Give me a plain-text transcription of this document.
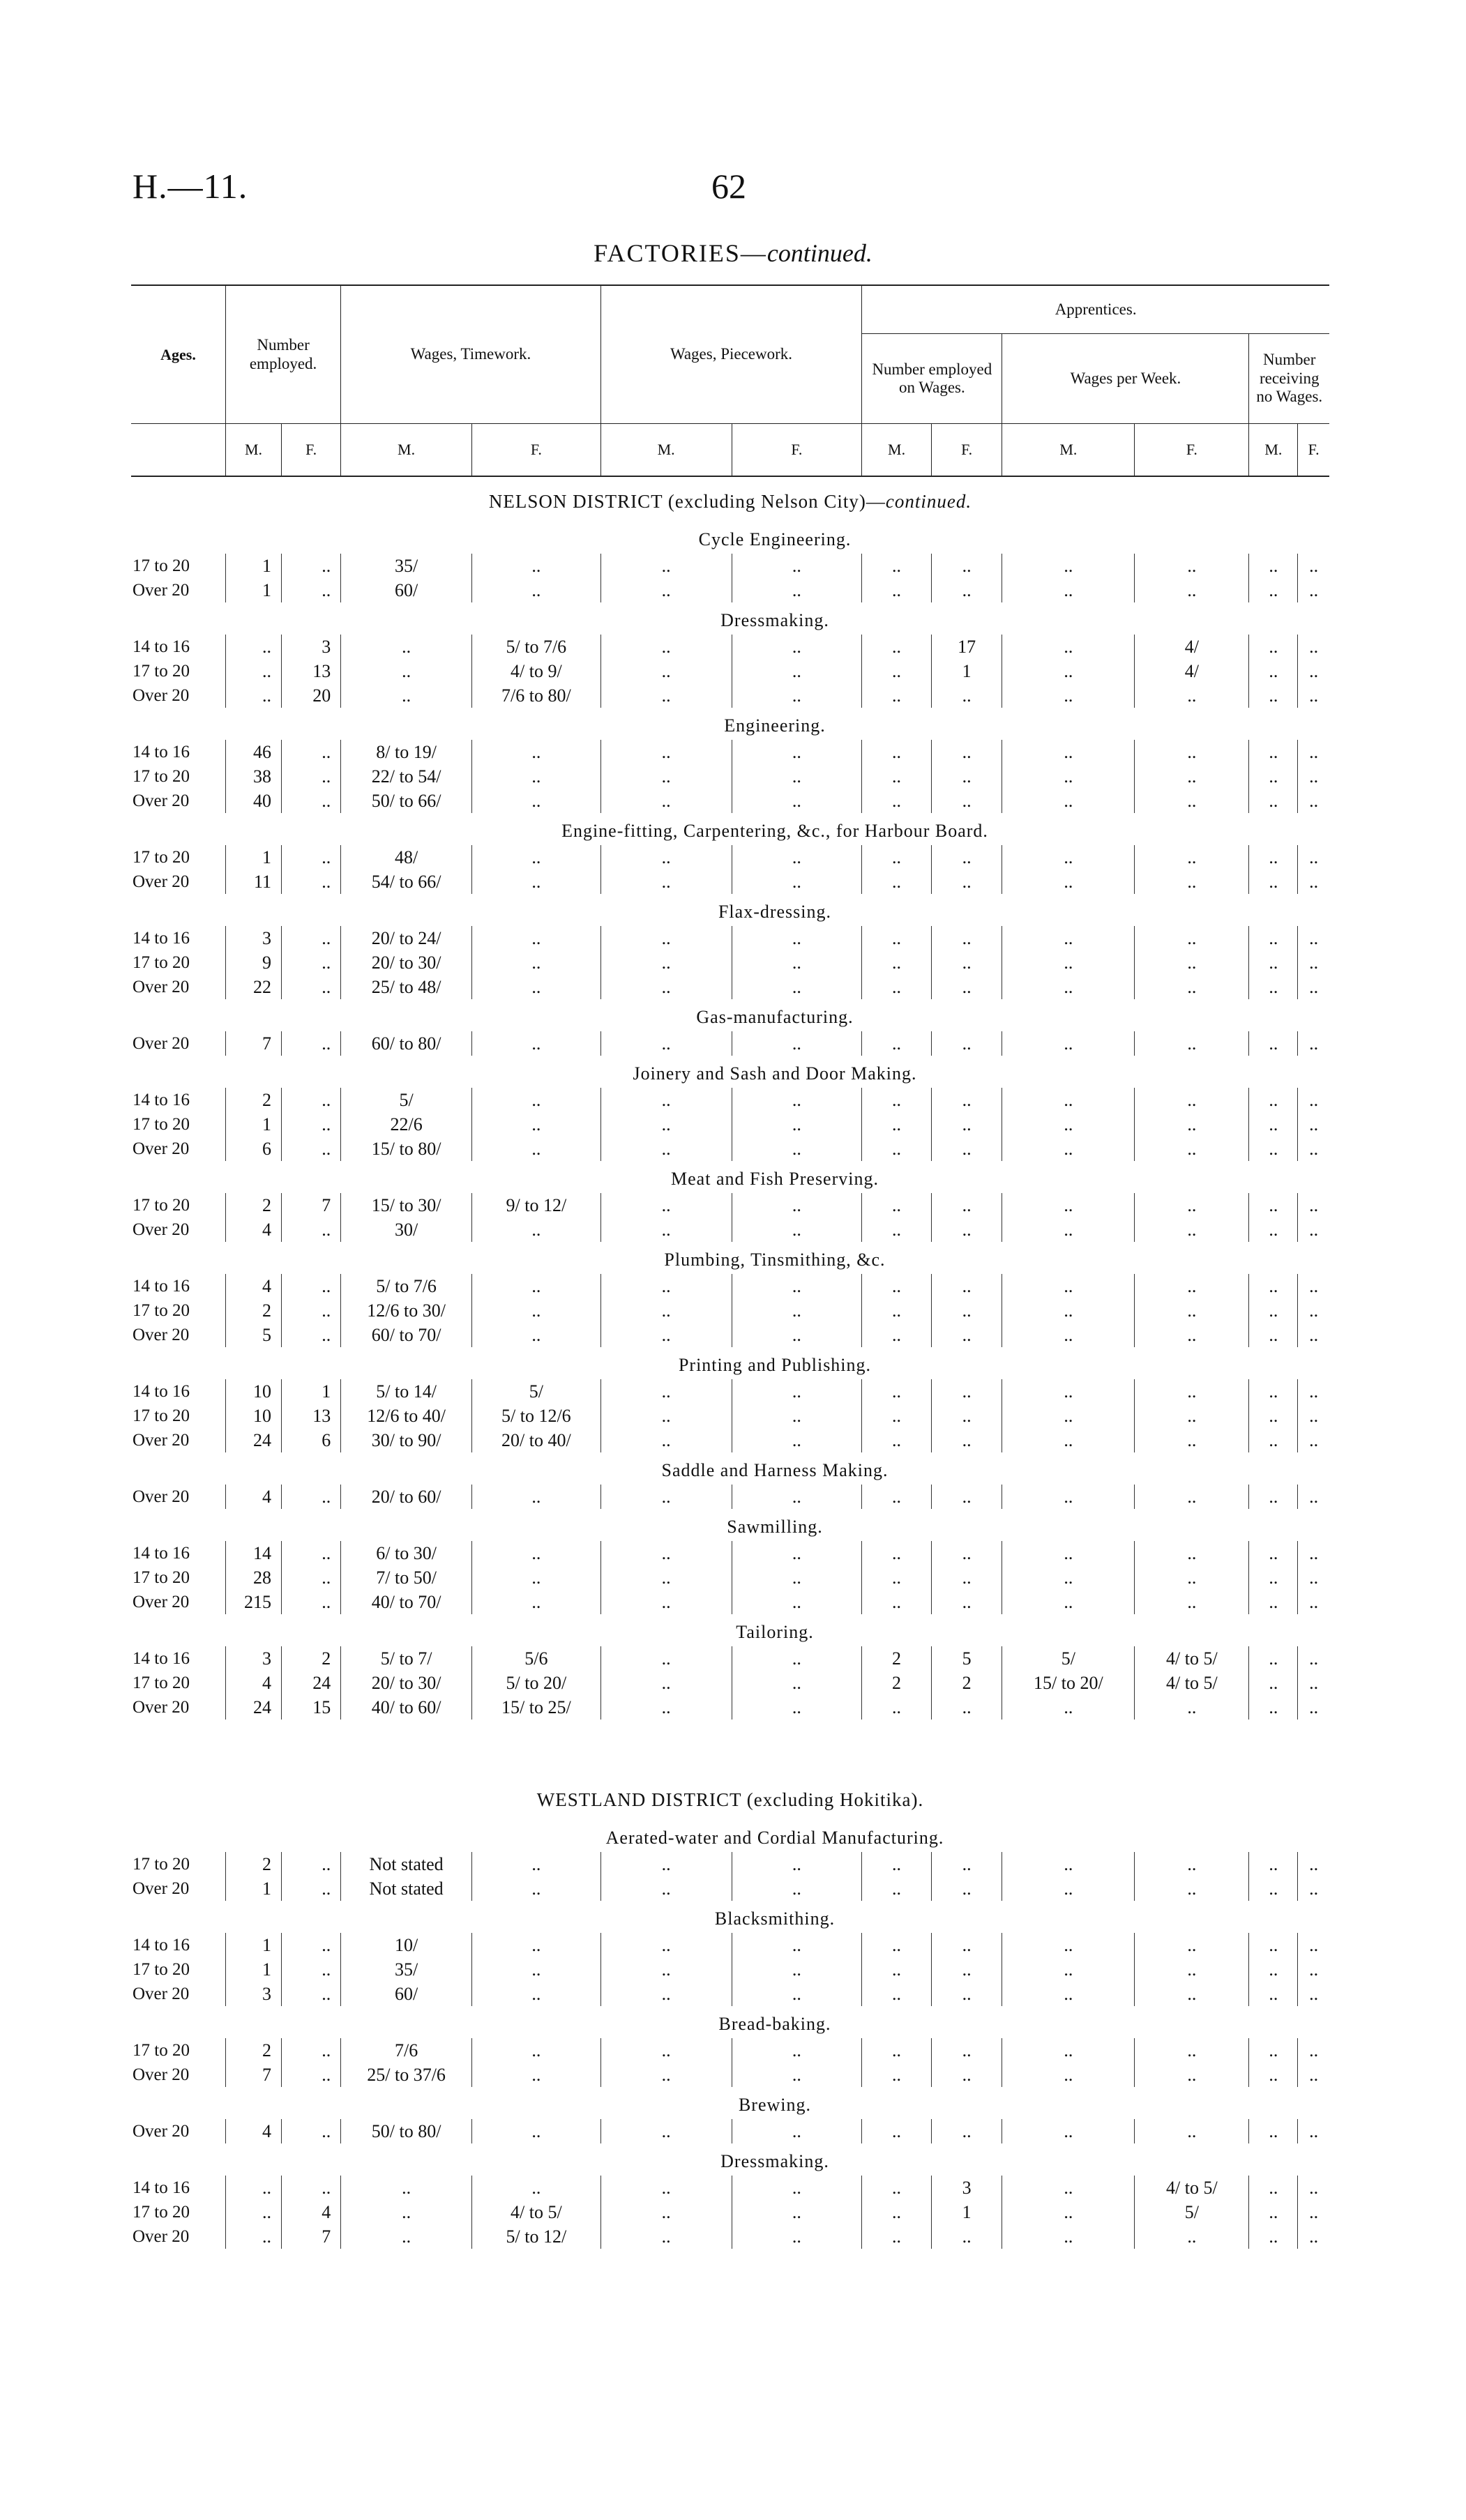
H.—11.	62
FACTORIES—continued.
Ages.	Number employed.		Wages, Timework.		Wages, Piecework.		Apprentices.					
							Number employed on Wages.		Wages per Week.		Number receiving no Wages.	
	M.	F.	M.	F.	M.	F.	M.	F.	M.	F.	M.	F.
NELSON DISTRICT (excluding Nelson City)—continued.												
Cycle Engineering.												
17 to 20	1	..	35/	..	..	..	..	..	..	..	..	..
Over 20	1	..	60/	..	..	..	..	..	..	..	..	..
Dressmaking.												
14 to 16	..	3	..	5/ to 7/6	..	..	..	17	..	4/	..	..
17 to 20	..	13	..	4/ to 9/	..	..	..	1	..	4/	..	..
Over 20	..	20	..	7/6 to 80/	..	..	..	..	..	..	..	..
Engineering.												
14 to 16	46	..	8/ to 19/	..	..	..	..	..	..	..	..	..
17 to 20	38	..	22/ to 54/	..	..	..	..	..	..	..	..	..
Over 20	40	..	50/ to 66/	..	..	..	..	..	..	..	..	..
Engine-fitting, Carpentering, &c., for Harbour Board.												
17 to 20	1	..	48/	..	..	..	..	..	..	..	..	..
Over 20	11	..	54/ to 66/	..	..	..	..	..	..	..	..	..
Flax-dressing.												
14 to 16	3	..	20/ to 24/	..	..	..	..	..	..	..	..	..
17 to 20	9	..	20/ to 30/	..	..	..	..	..	..	..	..	..
Over 20	22	..	25/ to 48/	..	..	..	..	..	..	..	..	..
Gas-manufacturing.												
Over 20	7	..	60/ to 80/	..	..	..	..	..	..	..	..	..
Joinery and Sash and Door Making.												
14 to 16	2	..	5/	..	..	..	..	..	..	..	..	..
17 to 20	1	..	22/6	..	..	..	..	..	..	..	..	..
Over 20	6	..	15/ to 80/	..	..	..	..	..	..	..	..	..
Meat and Fish Preserving.												
17 to 20	2	7	15/ to 30/	9/ to 12/	..	..	..	..	..	..	..	..
Over 20	4	..	30/	..	..	..	..	..	..	..	..	..
Plumbing, Tinsmithing, &c.												
14 to 16	4	..	5/ to 7/6	..	..	..	..	..	..	..	..	..
17 to 20	2	..	12/6 to 30/	..	..	..	..	..	..	..	..	..
Over 20	5	..	60/ to 70/	..	..	..	..	..	..	..	..	..
Printing and Publishing.												
14 to 16	10	1	5/ to 14/	5/	..	..	..	..	..	..	..	..
17 to 20	10	13	12/6 to 40/	5/ to 12/6	..	..	..	..	..	..	..	..
Over 20	24	6	30/ to 90/	20/ to 40/	..	..	..	..	..	..	..	..
Saddle and Harness Making.												
Over 20	4	..	20/ to 60/	..	..	..	..	..	..	..	..	..
Sawmilling.												
14 to 16	14	..	6/ to 30/	..	..	..	..	..	..	..	..	..
17 to 20	28	..	7/ to 50/	..	..	..	..	..	..	..	..	..
Over 20	215	..	40/ to 70/	..	..	..	..	..	..	..	..	..
Tailoring.												
14 to 16	3	2	5/ to 7/	5/6	..	..	2	5	5/	4/ to 5/	..	..
17 to 20	4	24	20/ to 30/	5/ to 20/	..	..	2	2	15/ to 20/	4/ to 5/	..	..
Over 20	24	15	40/ to 60/	15/ to 25/	..	..	..	..	..	..	..	..

WESTLAND DISTRICT (excluding Hokitika).												
Aerated-water and Cordial Manufacturing.												
17 to 20	2	..	Not stated	..	..	..	..	..	..	..	..	..
Over 20	1	..	Not stated	..	..	..	..	..	..	..	..	..
Blacksmithing.												
14 to 16	1	..	10/	..	..	..	..	..	..	..	..	..
17 to 20	1	..	35/	..	..	..	..	..	..	..	..	..
Over 20	3	..	60/	..	..	..	..	..	..	..	..	..
Bread-baking.												
17 to 20	2	..	7/6	..	..	..	..	..	..	..	..	..
Over 20	7	..	25/ to 37/6	..	..	..	..	..	..	..	..	..
Brewing.												
Over 20	4	..	50/ to 80/	..	..	..	..	..	..	..	..	..
Dressmaking.												
14 to 16	..	..	..	..	..	..	..	3	..	4/ to 5/	..	..
17 to 20	..	4	..	4/ to 5/	..	..	..	1	..	5/	..	..
Over 20	..	7	..	5/ to 12/	..	..	..	..	..	..	..	..
